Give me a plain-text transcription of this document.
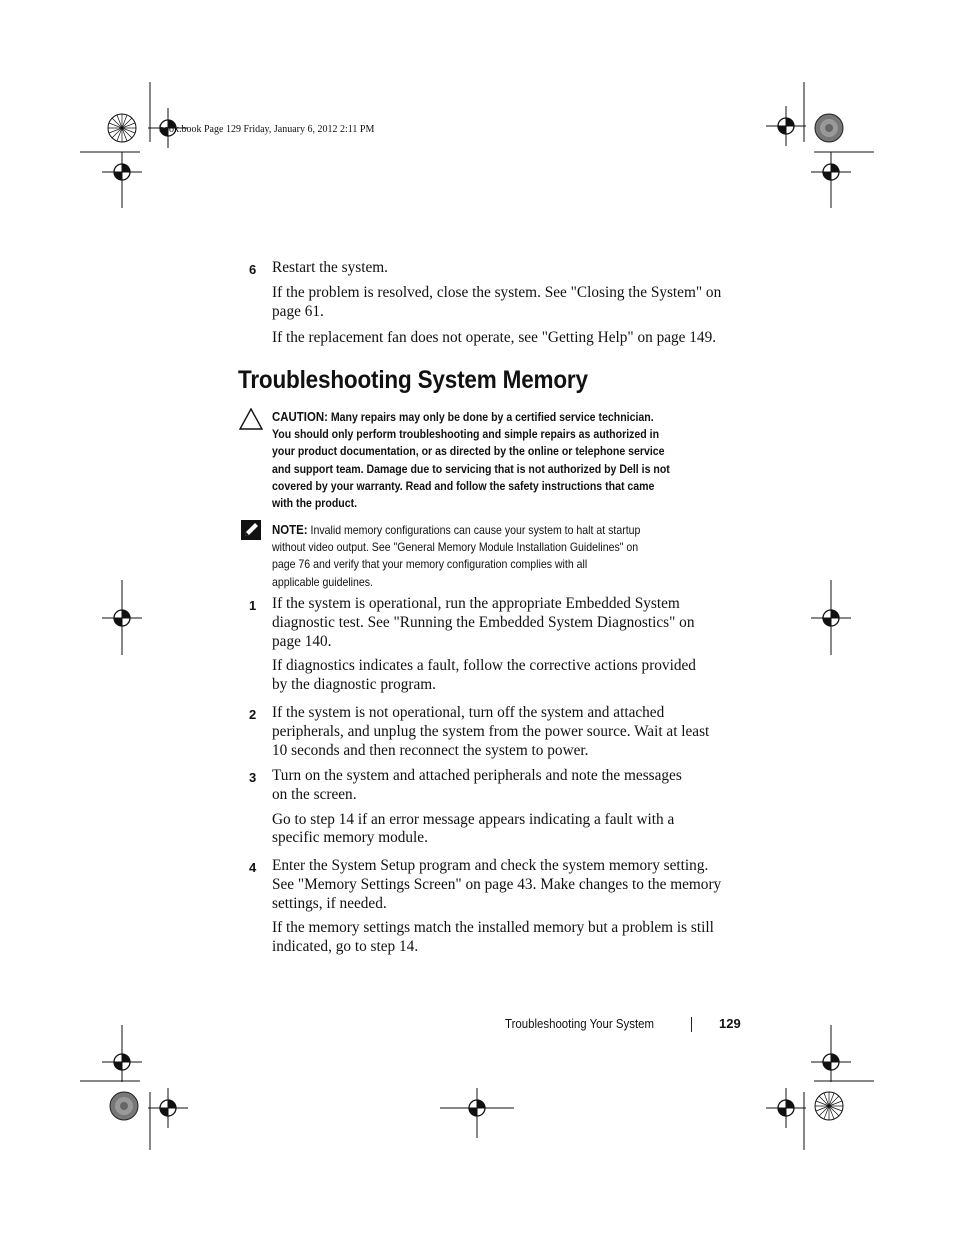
book.book Page 129 Friday, January 6, 2012 2:11 PM
6 Restart the system.

If the problem is resolved, close the system. See "Closing the System" on
page 61.

If the replacement fan does not operate, see "Getting Help" on page 149.

Troubleshooting System Memory
CAUTION: Many repairs may only be done by a certified service technician.
You should only perform troubleshooting and simple repairs as authorized in
your product documentation, or as directed by the online or telephone service
and support team. Damage due to servicing that is not authorized by Dell is not
covered by your warranty. Read and follow the safety instructions that came
with the product.
NOTE: Invalid memory configurations can cause your system to halt at startup
without video output. See "General Memory Module Installation Guidelines" on
page 76 and verify that your memory configuration complies with all
applicable guidelines.
1 If the system is operational, run the appropriate Embedded System
diagnostic test. See "Running the Embedded System Diagnostics" on
page 140.

If diagnostics indicates a fault, follow the corrective actions provided
by the diagnostic program.

2 If the system is not operational, turn off the system and attached
peripherals, and unplug the system from the power source. Wait at least
10 seconds and then reconnect the system to power.

3 Turn on the system and attached peripherals and note the messages
on the screen.

Go to step 14 if an error message appears indicating a fault with a
specific memory module.

4 Enter the System Setup program and check the system memory setting.
See "Memory Settings Screen" on page 43. Make changes to the memory
settings, if needed.

If the memory settings match the installed memory but a problem is still
indicated, go to step 14.

Troubleshooting Your System	129
